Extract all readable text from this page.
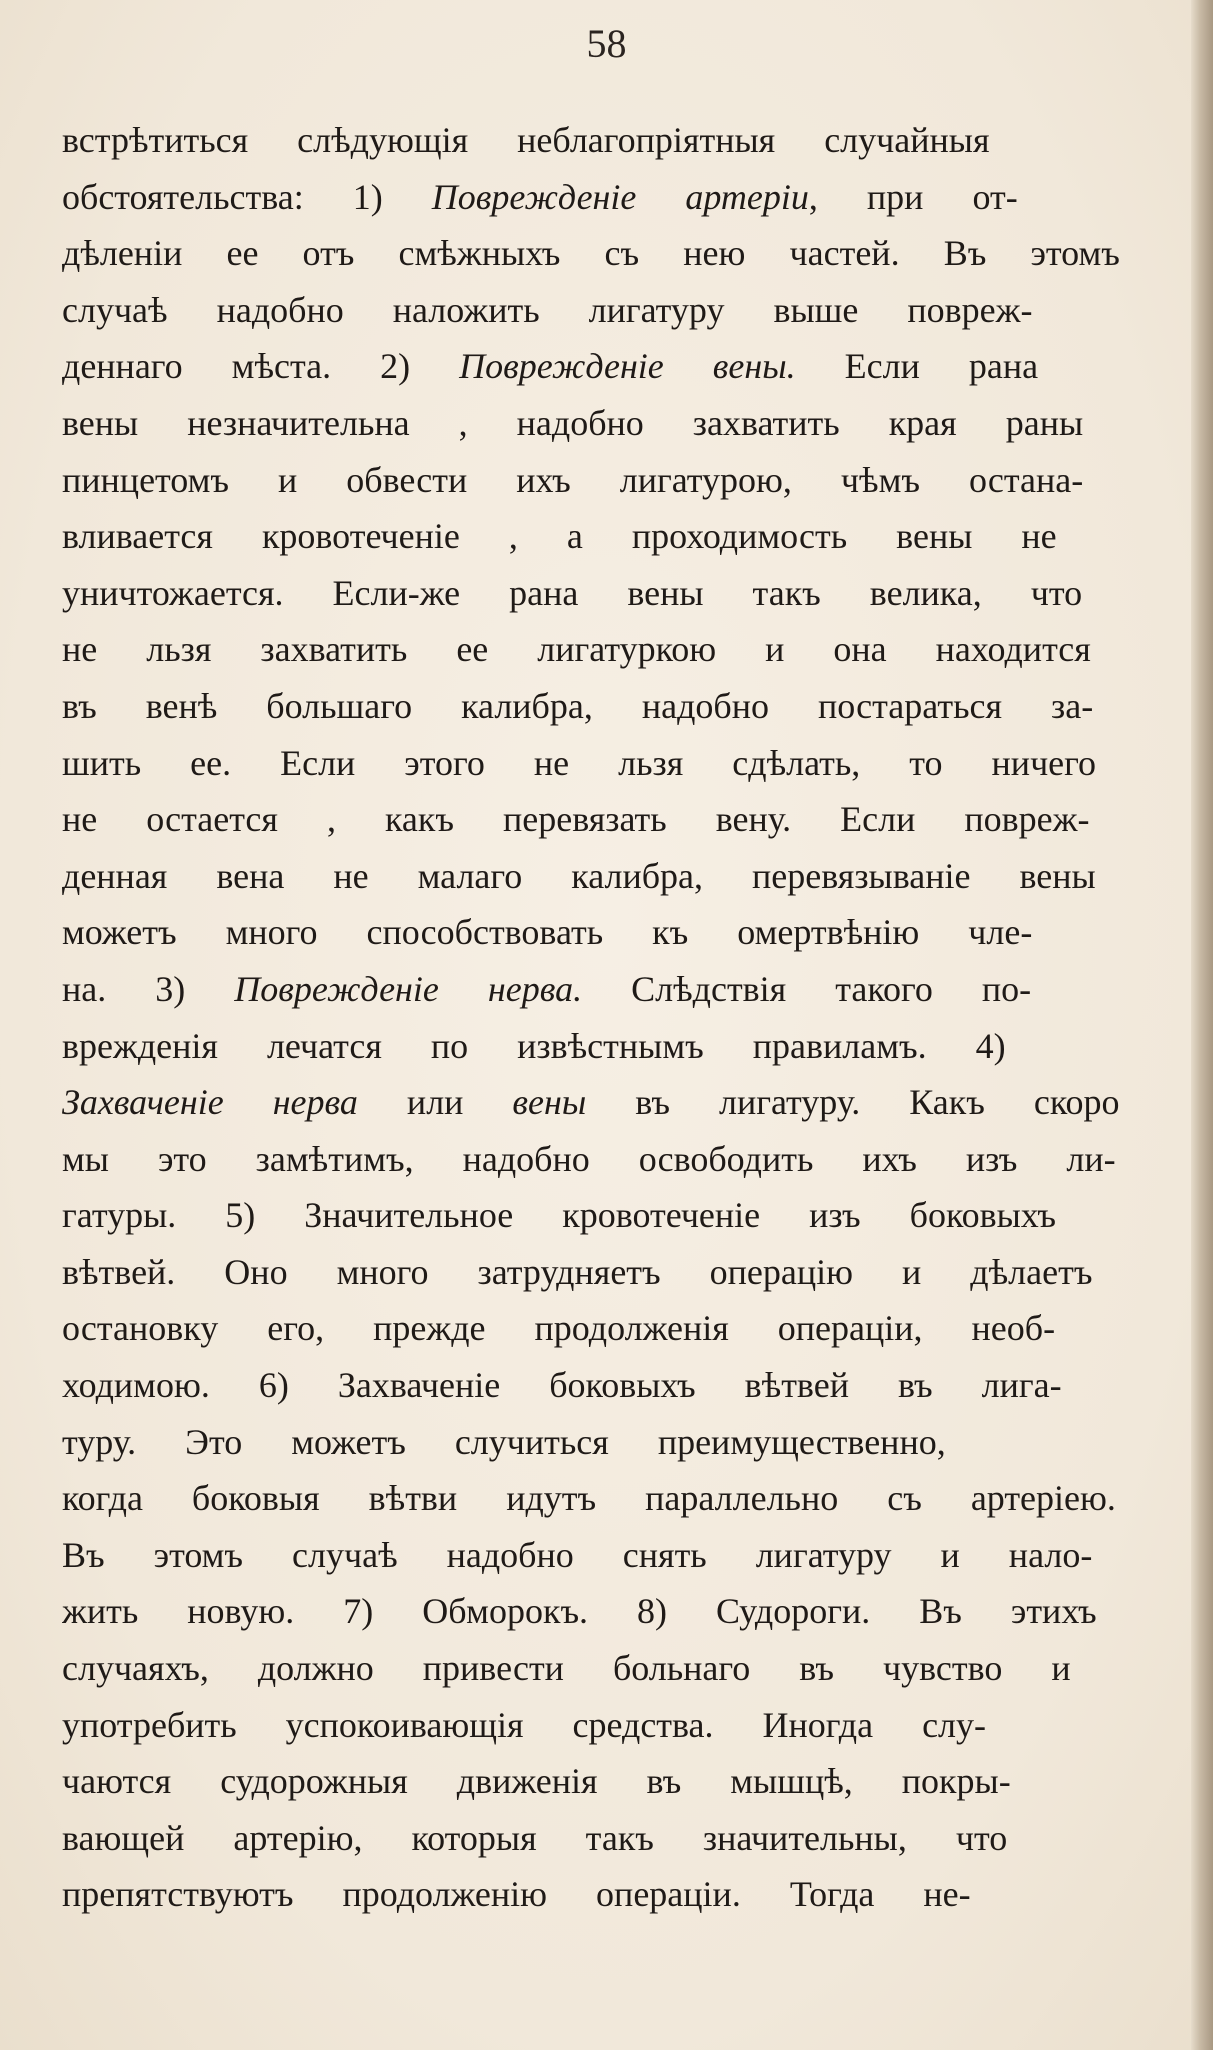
58
встрѣтиться слѣдующія неблагопріятныя случайныя
обстоятельства: 1) Поврежденіе артеріи, при от-
дѣленіи ее отъ смѣжныхъ съ нею частей. Въ этомъ
случаѣ надобно наложить лигатуру выше повреж-
деннаго мѣста. 2) Поврежденіе вены. Если рана
вены незначительна , надобно захватить края раны
пинцетомъ и обвести ихъ лигатурою, чѣмъ остана-
вливается кровотеченіе , а проходимость вены не
уничтожается. Если-же рана вены такъ велика, что
не льзя захватить ее лигатуркою и она находится
въ венѣ большаго калибра, надобно постараться за-
шить ее. Если этого не льзя сдѣлать, то ничего
не остается , какъ перевязать вену. Если повреж-
денная вена не малаго калибра, перевязываніе вены
можетъ много способствовать къ омертвѣнію чле-
на. 3) Поврежденіе нерва. Слѣдствія такого по-
врежденія лечатся по извѣстнымъ правиламъ. 4)
Захваченіе нерва или вены въ лигатуру. Какъ скоро
мы это замѣтимъ, надобно освободить ихъ изъ ли-
гатуры. 5) Значительное кровотеченіе изъ боковыхъ
вѣтвей. Оно много затрудняетъ операцію и дѣлаетъ
остановку его, прежде продолженія операціи, необ-
ходимою. 6) Захваченіе боковыхъ вѣтвей въ лига-
туру. Это можетъ случиться преимущественно,
когда боковыя вѣтви идутъ параллельно съ артеріею.
Въ этомъ случаѣ надобно снять лигатуру и нало-
жить новую. 7) Обморокъ. 8) Судороги. Въ этихъ
случаяхъ, должно привести больнаго въ чувство и
употребить успокоивающія средства. Иногда слу-
чаются судорожныя движенія въ мышцѣ, покры-
вающей артерію, которыя такъ значительны, что
препятствуютъ продолженію операціи. Тогда не-
